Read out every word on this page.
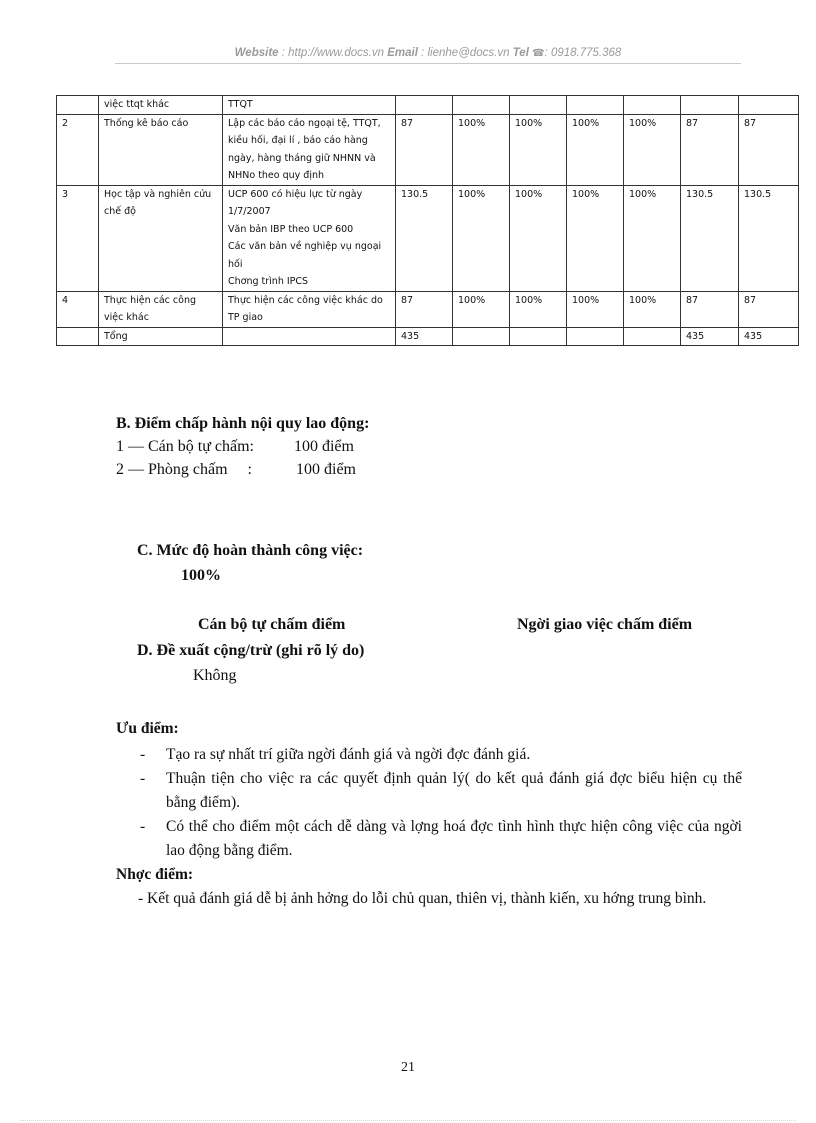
Website : http://www.docs.vn Email : lienhe@docs.vn Tel ☎: 0918.775.368
	việc ttqt khác	TTQT							
2	Thống kê báo cáo	Lập các báo cáo ngoại tệ, TTQT, kiều hối, đại lí , báo cáo hàng ngày, hàng tháng giữ NHNN và NHNo theo quy định	87	100%	100%	100%	100%	87	87
3	Học tập và nghiên cứu chế độ	UCP 600 có hiệu lực từ ngày 1/7/2007
Văn bản IBP theo UCP 600
Các văn bản về nghiệp vụ ngoại hối
Chơng trình IPCS	130.5	100%	100%	100%	100%	130.5	130.5
4	Thực hiện các công việc khác	Thực hiện các công việc khác do TP giao	87	100%	100%	100%	100%	87	87
	Tổng		435					435	435
B. Điểm chấp hành nội quy lao động:
1 — Cán bộ tự chấm:          100 điểm
2 — Phòng chấm     :           100 điểm

C. Mức độ hoàn thành công việc:
100%

D. Đề xuất cộng/trừ (ghi rõ lý do)
Không

Cán bộ tự chấm điểm	Ngời giao việc chấm điểm
Ưu điểm:
- Tạo ra sự nhất trí giữa ngời đánh giá và ngời đợc đánh giá.
- Thuận tiện cho việc ra các quyết định quản lý( do kết quả đánh giá đợc biểu hiện cụ thể bằng điểm).
- Có thể cho điểm một cách dễ dàng và lợng hoá đợc tình hình thực hiện công việc của ngời lao động bằng điểm.
Nhợc điểm:
- Kết quả đánh giá dễ bị ảnh hởng do lỗi chủ quan, thiên vị, thành kiến, xu hớng trung bình.
21
